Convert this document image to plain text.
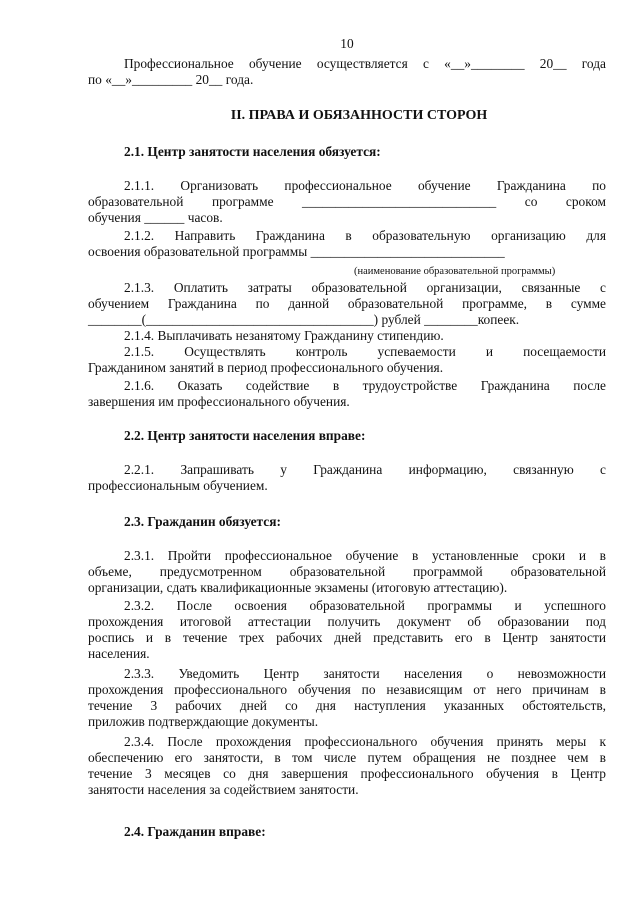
10
Профессиональное обучение осуществляется с «__»________ 20__ года
по «__»_________ 20__ года.
II. ПРАВА И ОБЯЗАННОСТИ СТОРОН
2.1. Центр занятости населения обязуется:
2.1.1. Организовать профессиональное обучение Гражданина по
образовательной программе _____________________________ со сроком
обучения ______ часов.
2.1.2. Направить Гражданина в образовательную организацию для
освоения образовательной программы _____________________________
(наименование образовательной программы)
2.1.3. Оплатить затраты образовательной организации, связанные с
обучением Гражданина по данной образовательной программе, в сумме
________(__________________________________) рублей ________копеек.
2.1.4. Выплачивать незанятому Гражданину стипендию.
2.1.5. Осуществлять контроль успеваемости и посещаемости
Гражданином занятий в период профессионального обучения.
2.1.6. Оказать содействие в трудоустройстве Гражданина после
завершения им профессионального обучения.
2.2. Центр занятости населения вправе:
2.2.1. Запрашивать у Гражданина информацию, связанную с
профессиональным обучением.
2.3. Гражданин обязуется:
2.3.1. Пройти профессиональное обучение в установленные сроки и в
объеме, предусмотренном образовательной программой образовательной
организации, сдать квалификационные экзамены (итоговую аттестацию).
2.3.2. После освоения образовательной программы и успешного
прохождения итоговой аттестации получить документ об образовании под
роспись и в течение трех рабочих дней представить его в Центр занятости
населения.
2.3.3. Уведомить Центр занятости населения о невозможности
прохождения профессионального обучения по независящим от него причинам в
течение 3 рабочих дней со дня наступления указанных обстоятельств,
приложив подтверждающие документы.
2.3.4. После прохождения профессионального обучения принять меры к
обеспечению его занятости, в том числе путем обращения не позднее чем в
течение 3 месяцев со дня завершения профессионального обучения в Центр
занятости населения за содействием занятости.
2.4. Гражданин вправе:
